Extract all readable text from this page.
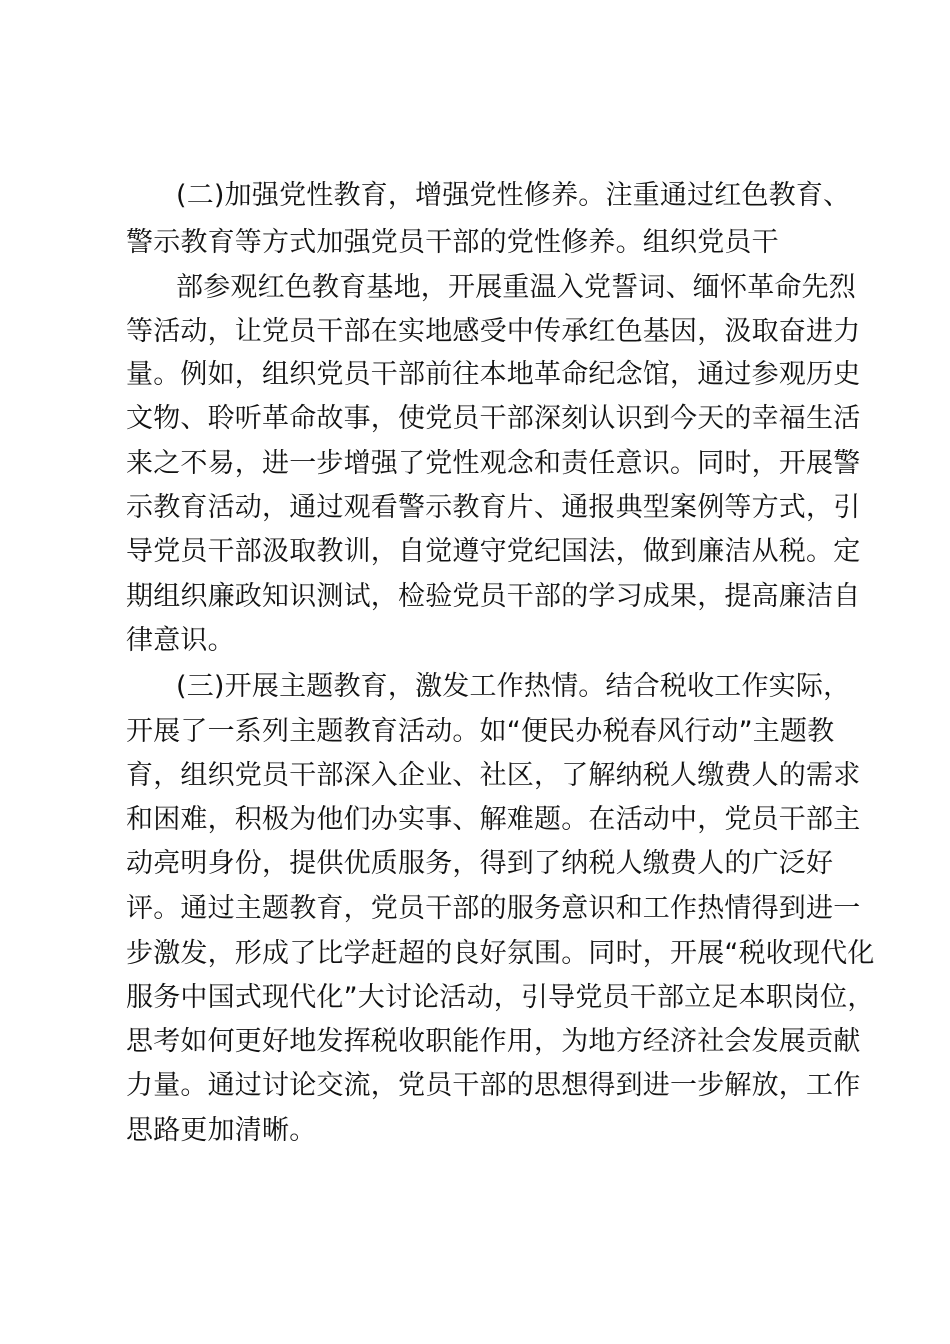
(二)加强党性教育，增强党性修养。注重通过红色教育、
警示教育等方式加强党员干部的党性修养。组织党员干
部参观红色教育基地，开展重温入党誓词、缅怀革命先烈
等活动，让党员干部在实地感受中传承红色基因，汲取奋进力
量。例如，组织党员干部前往本地革命纪念馆，通过参观历史
文物、聆听革命故事，使党员干部深刻认识到今天的幸福生活
来之不易，进一步增强了党性观念和责任意识。同时，开展警
示教育活动，通过观看警示教育片、通报典型案例等方式，引
导党员干部汲取教训，自觉遵守党纪国法，做到廉洁从税。定
期组织廉政知识测试，检验党员干部的学习成果，提高廉洁自
律意识。
(三)开展主题教育，激发工作热情。结合税收工作实际，
开展了一系列主题教育活动。如“便民办税春风行动”主题教
育，组织党员干部深入企业、社区，了解纳税人缴费人的需求
和困难，积极为他们办实事、解难题。在活动中，党员干部主
动亮明身份，提供优质服务，得到了纳税人缴费人的广泛好
评。通过主题教育，党员干部的服务意识和工作热情得到进一
步激发，形成了比学赶超的良好氛围。同时，开展“税收现代化
服务中国式现代化”大讨论活动，引导党员干部立足本职岗位，
思考如何更好地发挥税收职能作用，为地方经济社会发展贡献
力量。通过讨论交流，党员干部的思想得到进一步解放，工作
思路更加清晰。
